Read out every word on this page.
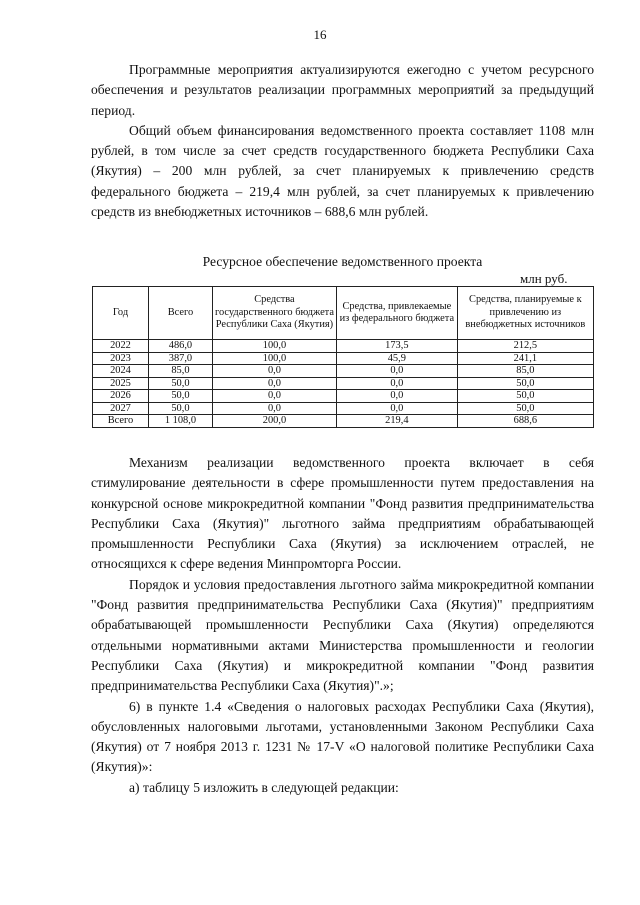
16
Программные мероприятия актуализируются ежегодно с учетом ресурсного обеспечения и результатов реализации программных мероприятий за предыдущий период.
Общий объем финансирования ведомственного проекта составляет 1108 млн рублей, в том числе за счет средств государственного бюджета Республики Саха (Якутия) – 200 млн рублей, за счет планируемых к привлечению средств федерального бюджета – 219,4 млн рублей, за счет планируемых к привлечению средств из внебюджетных источников – 688,6 млн рублей.
Ресурсное обеспечение ведомственного проекта
млн руб.
Год	Всего	Средства государственного бюджета Республики Саха (Якутия)	Средства, привлекаемые из федерального бюджета	Средства, планируемые к привлечению из внебюджетных источников
2022	486,0	100,0	173,5	212,5
2023	387,0	100,0	45,9	241,1
2024	85,0	0,0	0,0	85,0
2025	50,0	0,0	0,0	50,0
2026	50,0	0,0	0,0	50,0
2027	50,0	0,0	0,0	50,0
Всего	1 108,0	200,0	219,4	688,6
Механизм реализации ведомственного проекта включает в себя стимулирование деятельности в сфере промышленности путем предоставления на конкурсной основе микрокредитной компании "Фонд развития предпринимательства Республики Саха (Якутия)" льготного займа предприятиям обрабатывающей промышленности Республики Саха (Якутия) за исключением отраслей, не относящихся к сфере ведения Минпромторга России.
Порядок и условия предоставления льготного займа микрокредитной компании "Фонд развития предпринимательства Республики Саха (Якутия)" предприятиям обрабатывающей промышленности Республики Саха (Якутия) определяются отдельными нормативными актами Министерства промышленности и геологии Республики Саха (Якутия) и микрокредитной компании "Фонд развития предпринимательства Республики Саха (Якутия)".»;
6) в пункте 1.4 «Сведения о налоговых расходах Республики Саха (Якутия), обусловленных налоговыми льготами, установленными Законом Республики Саха (Якутия) от 7 ноября 2013 г. 1231 № 17-V «О налоговой политике Республики Саха (Якутия)»:
а) таблицу 5 изложить в следующей редакции:
